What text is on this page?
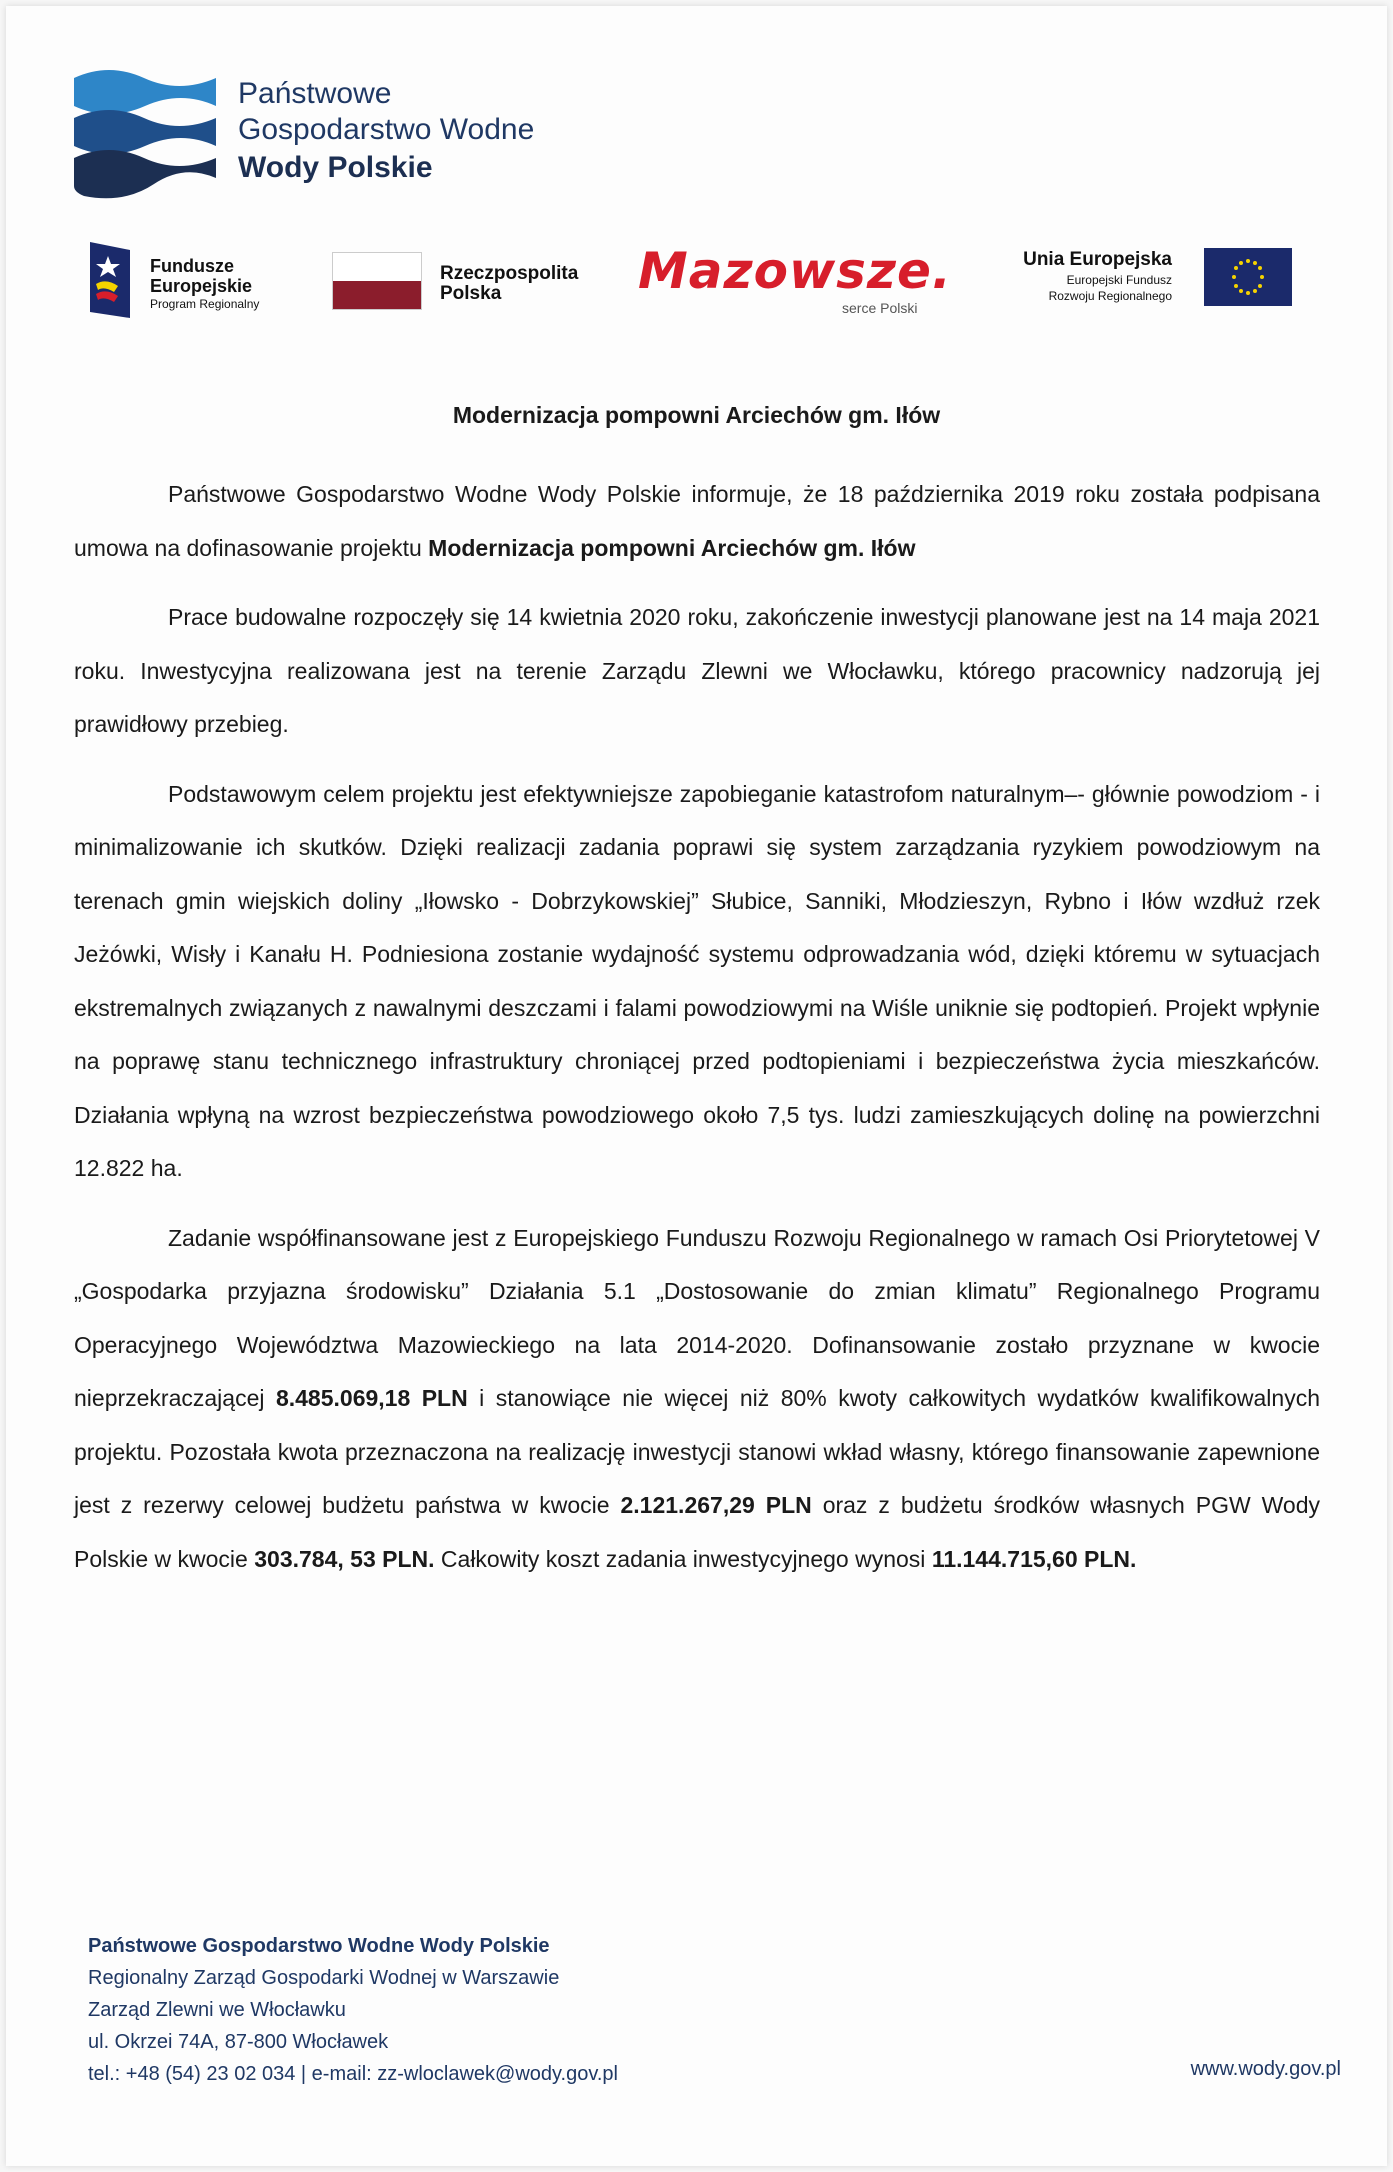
Państwowe
Gospodarstwo Wodne
Wody Polskie
Fundusze
Europejskie
Program Regionalny
Rzeczpospolita
Polska	Mazowsze.
serce Polski
Unia Europejska
Europejski Fundusz
Rozwoju Regionalnego
Modernizacja pompowni Arciechów gm. Iłów

Państwowe Gospodarstwo Wodne Wody Polskie informuje, że 18 października 2019 roku została podpisana umowa na dofinasowanie projektu Modernizacja pompowni Arciechów gm. Iłów

Prace budowalne rozpoczęły się 14 kwietnia 2020 roku, zakończenie inwestycji planowane jest na 14 maja 2021 roku. Inwestycyjna realizowana jest na terenie Zarządu Zlewni we Włocławku, którego pracownicy nadzorują jej prawidłowy przebieg.

Podstawowym celem projektu jest efektywniejsze zapobieganie katastrofom naturalnym–- głównie powodziom - i minimalizowanie ich skutków. Dzięki realizacji zadania poprawi się system zarządzania ryzykiem powodziowym na terenach gmin wiejskich doliny „Iłowsko - Dobrzykowskiej” Słubice, Sanniki, Młodzieszyn, Rybno i Iłów wzdłuż rzek Jeżówki, Wisły i Kanału H. Podniesiona zostanie wydajność systemu odprowadzania wód, dzięki któremu w sytuacjach ekstremalnych związanych z nawalnymi deszczami i falami powodziowymi na Wiśle uniknie się podtopień. Projekt wpłynie na poprawę stanu technicznego infrastruktury chroniącej przed podtopieniami i bezpieczeństwa życia mieszkańców. Działania wpłyną na wzrost bezpieczeństwa powodziowego około 7,5 tys. ludzi zamieszkujących dolinę na powierzchni 12.822 ha.

Zadanie współfinansowane jest z Europejskiego Funduszu Rozwoju Regionalnego w ramach Osi Priorytetowej V „Gospodarka przyjazna środowisku” Działania 5.1 „Dostosowanie do zmian klimatu” Regionalnego Programu Operacyjnego Województwa Mazowieckiego na lata 2014-2020. Dofinansowanie zostało przyznane w kwocie nieprzekraczającej 8.485.069,18 PLN i stanowiące nie więcej niż 80% kwoty całkowitych wydatków kwalifikowalnych projektu. Pozostała kwota przeznaczona na realizację inwestycji stanowi wkład własny, którego finansowanie zapewnione jest z rezerwy celowej budżetu państwa w kwocie 2.121.267,29 PLN oraz z budżetu środków własnych PGW Wody Polskie w kwocie 303.784, 53 PLN. Całkowity koszt zadania inwestycyjnego wynosi 11.144.715,60 PLN.

Państwowe Gospodarstwo Wodne Wody Polskie
Regionalny Zarząd Gospodarki Wodnej w Warszawie
Zarząd Zlewni we Włocławku
ul. Okrzei 74A, 87-800 Włocławek
tel.: +48 (54) 23 02 034 | e-mail: zz-wloclawek@wody.gov.pl	www.wody.gov.pl
